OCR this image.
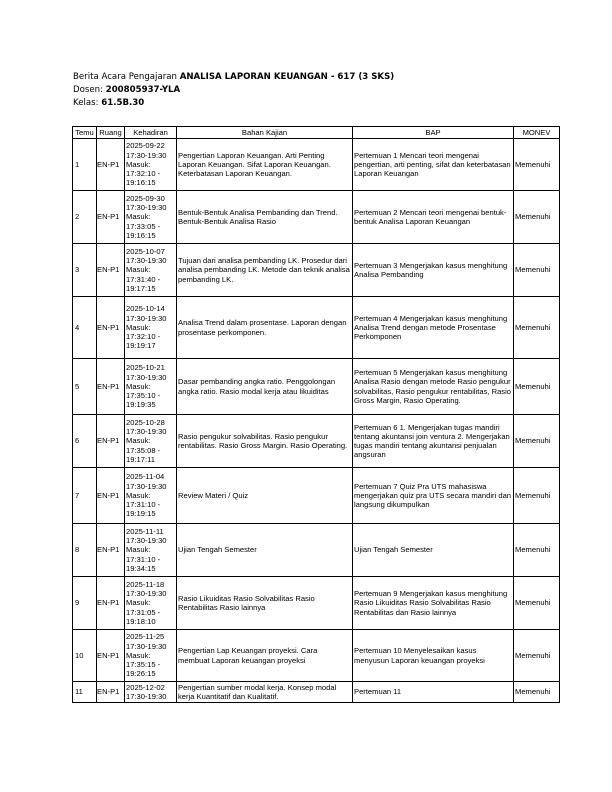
Berita Acara Pengajaran ANALISA LAPORAN KEUANGAN - 617 (3 SKS)
Dosen: 200805937-YLA
Kelas: 61.5B.30
Temu	Ruang	Kehadiran	Bahan Kajian	BAP	MONEV
1	EN-P1	2025-09-22
17:30-19:30
Masuk:
17:32:10 -
19:16:15	Pengertian Laporan Keuangan. Arti Penting Laporan Keuangan. Sifat Laporan Keuangan. Keterbatasan Laporan Keuangan.	Pertemuan 1 Mencari teori mengenai pengertian, arti penting, sifat dan keterbatasan Laporan Keuangan	Memenuhi
2	EN-P1	2025-09-30
17:30-19:30
Masuk:
17:33:05 -
19:16:15	Bentuk-Bentuk Analisa Pembanding dan Trend. Bentuk-Bentuk Analisa Rasio	Pertemuan 2 Mencari teori mengenai bentuk-bentuk Analisa Laporan Keuangan	Memenuhi
3	EN-P1	2025-10-07
17:30-19:30
Masuk:
17:31:40 -
19:17:15	Tujuan dari analisa pembanding LK. Prosedur dari analisa pembanding LK. Metode dan teknik analisa pembanding LK.	Pertemuan 3 Mengerjakan kasus menghitung Analisa Pembanding	Memenuhi
4	EN-P1	2025-10-14
17:30-19:30
Masuk:
17:32:10 -
19:19:17	Analisa Trend dalam prosentase. Laporan dengan prosentase perkomponen.	Pertemuan 4 Mengerjakan kasus menghitung Analisa Trend dengan metode Prosentase Perkomponen	Memenuhi
5	EN-P1	2025-10-21
17:30-19:30
Masuk:
17:35:10 -
19:19:35	Dasar pembanding angka ratio. Penggolongan angka ratio. Rasio modal kerja atau likuiditas	Pertemuan 5 Mengerjakan kasus menghitung Analisa Rasio dengan metode Rasio pengukur solvabilitas, Rasio pengukur rentabilitas, Rasio Gross Margin, Rasio Operating.	Memenuhi
6	EN-P1	2025-10-28
17:30-19:30
Masuk:
17:35:08 -
19:17:11	Rasio pengukur solvabilitas. Rasio pengukur rentabilitas. Rasio Gross Margin. Rasio Operating.	Pertemuan 6 1. Mengerjakan tugas mandiri tentang akuntansi join ventura 2. Mengerjakan tugas mandiri tentang akuntansi penjualan angsuran	Memenuhi
7	EN-P1	2025-11-04
17:30-19:30
Masuk:
17:31:10 -
19:19:15	Review Materi / Quiz	Pertemuan 7 Quiz Pra UTS mahasiswa mengerjakan quiz pra UTS secara mandiri dan langsung dikumpulkan	Memenuhi
8	EN-P1	2025-11-11
17:30-19:30
Masuk:
17:31:10 -
19:34:15	Ujian Tengah Semester	Ujian Tengah Semester	Memenuhi
9	EN-P1	2025-11-18
17:30-19:30
Masuk:
17:31:05 -
19:18:10	Rasio Likuiditas Rasio Solvabilitas Rasio Rentabilitas Rasio lainnya	Pertemuan 9 Mengerjakan kasus menghitung Rasio Likuiditas Rasio Solvabilitas Rasio Rentabilitas dan Rasio lainnya	Memenuhi
10	EN-P1	2025-11-25
17:30-19:30
Masuk:
17:35:15 -
19:26:15	Pengertian Lap Keuangan proyeksi. Cara membuat Laporan keuangan proyeksi	Pertemuan 10 Menyelesaikan kasus menyusun Laporan keuangan proyeksi	Memenuhi
11	EN-P1	2025-12-02
17:30-19:30	Pengertian sumber modal kerja. Konsep modal kerja Kuantitatif dan Kualitatif.	Pertemuan 11	Memenuhi
